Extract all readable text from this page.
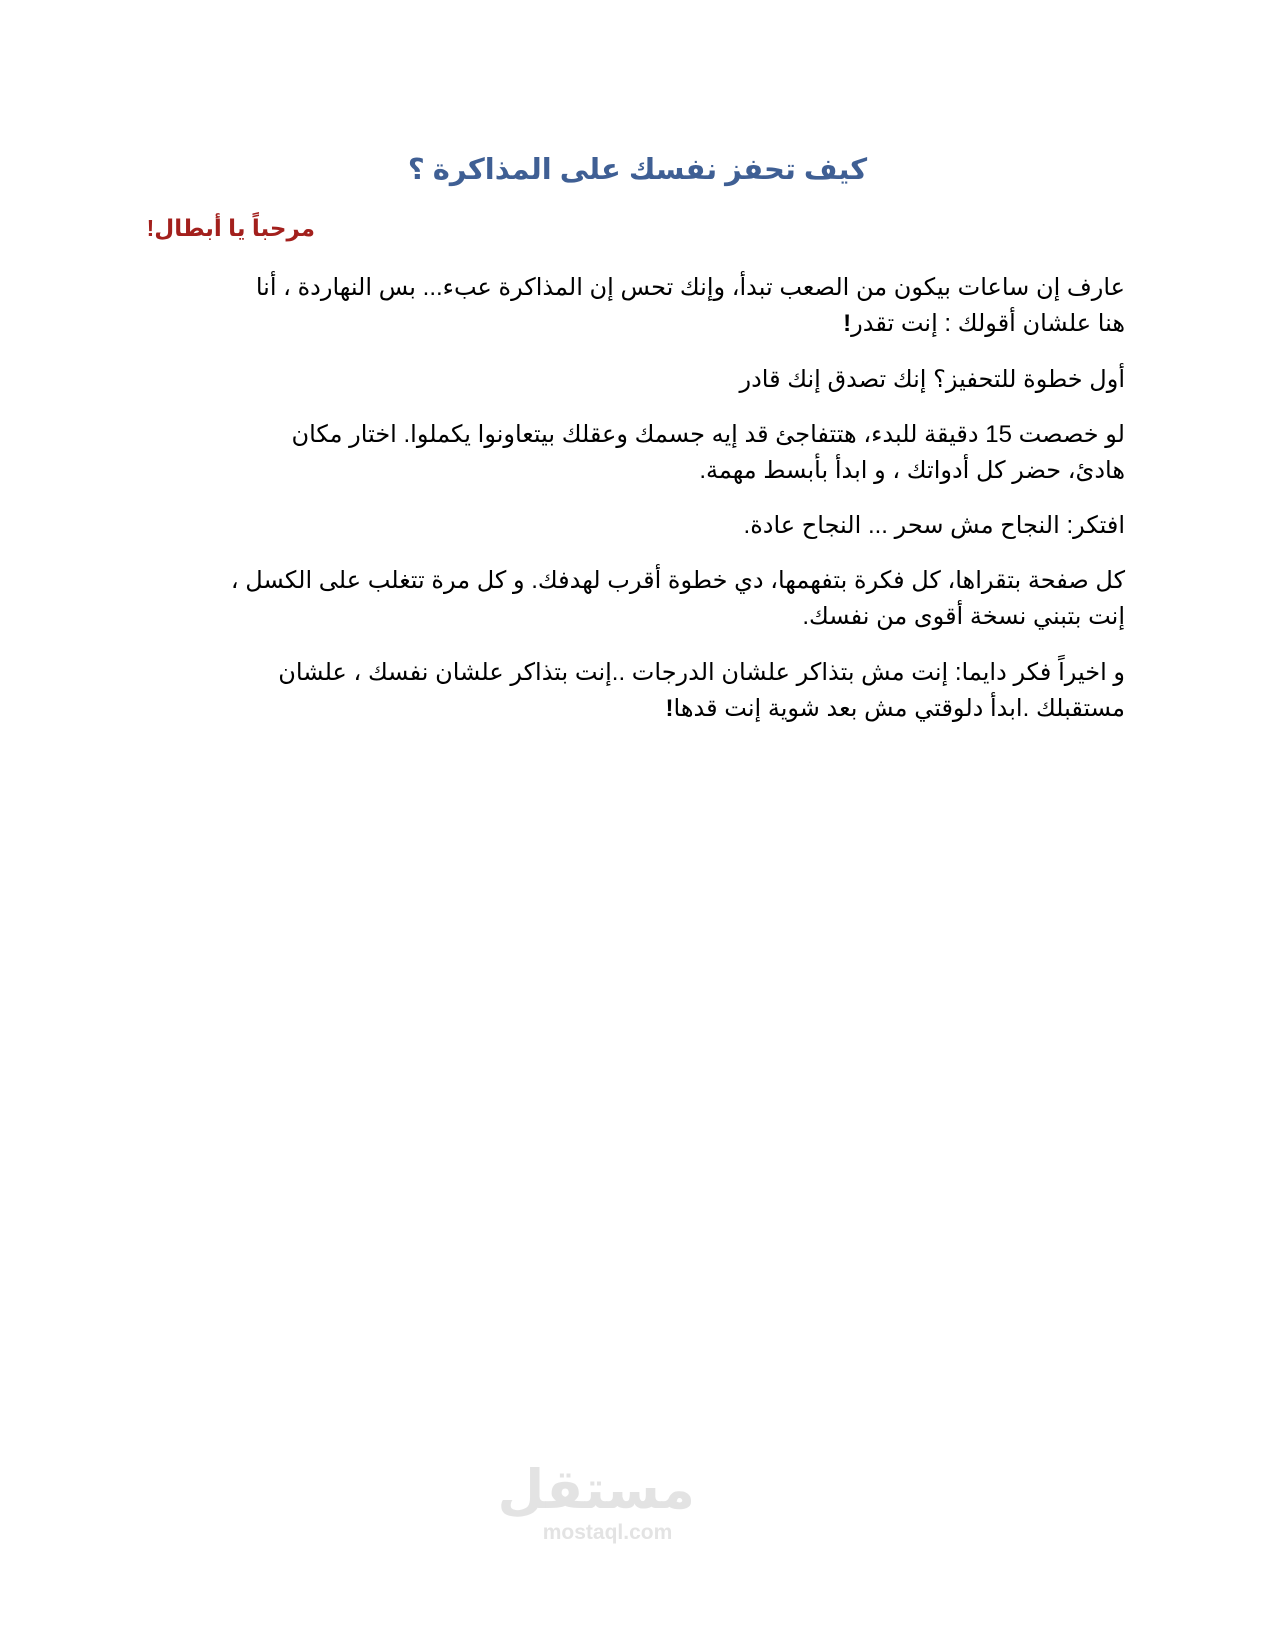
كيف تحفز نفسك على المذاكرة ؟

مرحباً يا أبطال!

عارف إن ساعات بيكون من الصعب تبدأ، وإنك تحس إن المذاكرة عبء... بس النهاردة ، أنا
هنا علشان أقولك : إنت تقدر!

أول خطوة للتحفيز؟ إنك تصدق إنك قادر

لو خصصت 15 دقيقة للبدء، هتتفاجئ قد إيه جسمك وعقلك بيتعاونوا يكملوا. اختار مكان
هادئ، حضر كل أدواتك ، و ابدأ بأبسط مهمة.

افتكر: النجاح مش سحر ... النجاح عادة.

كل صفحة بتقراها، كل فكرة بتفهمها، دي خطوة أقرب لهدفك. و كل مرة تتغلب على الكسل ،
إنت بتبني نسخة أقوى من نفسك.

و اخيراً فكر دايما: إنت مش بتذاكر علشان الدرجات ..إنت بتذاكر علشان نفسك ، علشان
مستقبلك .ابدأ دلوقتي مش بعد شوية إنت قدها!

مستقل
mostaql.com
